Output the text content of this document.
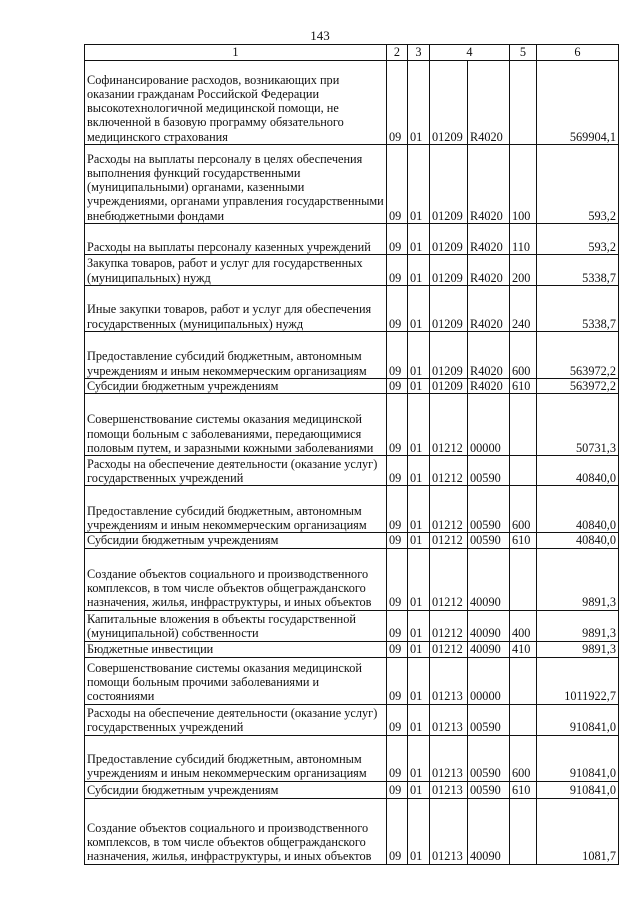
143
1	2	3	4		5	6
Софинансирование расходов, возникающих при оказании гражданам Российской Федерации высокотехнологичной медицинской помощи, не включенной в базовую программу обязательного медицинского страхования	09	01	01209	R4020		569904,1
Расходы на выплаты персоналу в целях обеспечения выполнения функций государственными (муниципальными) органами, казенными учреждениями, органами управления государственными внебюджетными фондами	09	01	01209	R4020	100	593,2
Расходы на выплаты персоналу казенных учреждений	09	01	01209	R4020	110	593,2
Закупка товаров, работ и услуг для государственных (муниципальных) нужд	09	01	01209	R4020	200	5338,7
Иные закупки товаров, работ и услуг для обеспечения государственных (муниципальных) нужд	09	01	01209	R4020	240	5338,7
Предоставление субсидий бюджетным, автономным учреждениям и иным некоммерческим организациям	09	01	01209	R4020	600	563972,2
Субсидии бюджетным учреждениям	09	01	01209	R4020	610	563972,2
Совершенствование системы оказания медицинской помощи больным с заболеваниями, передающимися половым путем, и заразными кожными заболеваниями	09	01	01212	00000		50731,3
Расходы на обеспечение деятельности (оказание услуг) государственных учреждений	09	01	01212	00590		40840,0
Предоставление субсидий бюджетным, автономным учреждениям и иным некоммерческим организациям	09	01	01212	00590	600	40840,0
Субсидии бюджетным учреждениям	09	01	01212	00590	610	40840,0
Создание объектов социального и производственного комплексов, в том числе объектов общегражданского назначения, жилья, инфраструктуры, и иных объектов	09	01	01212	40090		9891,3
Капитальные вложения в объекты государственной (муниципальной) собственности	09	01	01212	40090	400	9891,3
Бюджетные инвестиции	09	01	01212	40090	410	9891,3
Совершенствование системы оказания медицинской помощи больным прочими заболеваниями и состояниями	09	01	01213	00000		1011922,7
Расходы на обеспечение деятельности (оказание услуг) государственных учреждений	09	01	01213	00590		910841,0
Предоставление субсидий бюджетным, автономным учреждениям и иным некоммерческим организациям	09	01	01213	00590	600	910841,0
Субсидии бюджетным учреждениям	09	01	01213	00590	610	910841,0
Создание объектов социального и производственного комплексов, в том числе объектов общегражданского назначения, жилья, инфраструктуры, и иных объектов	09	01	01213	40090		1081,7
